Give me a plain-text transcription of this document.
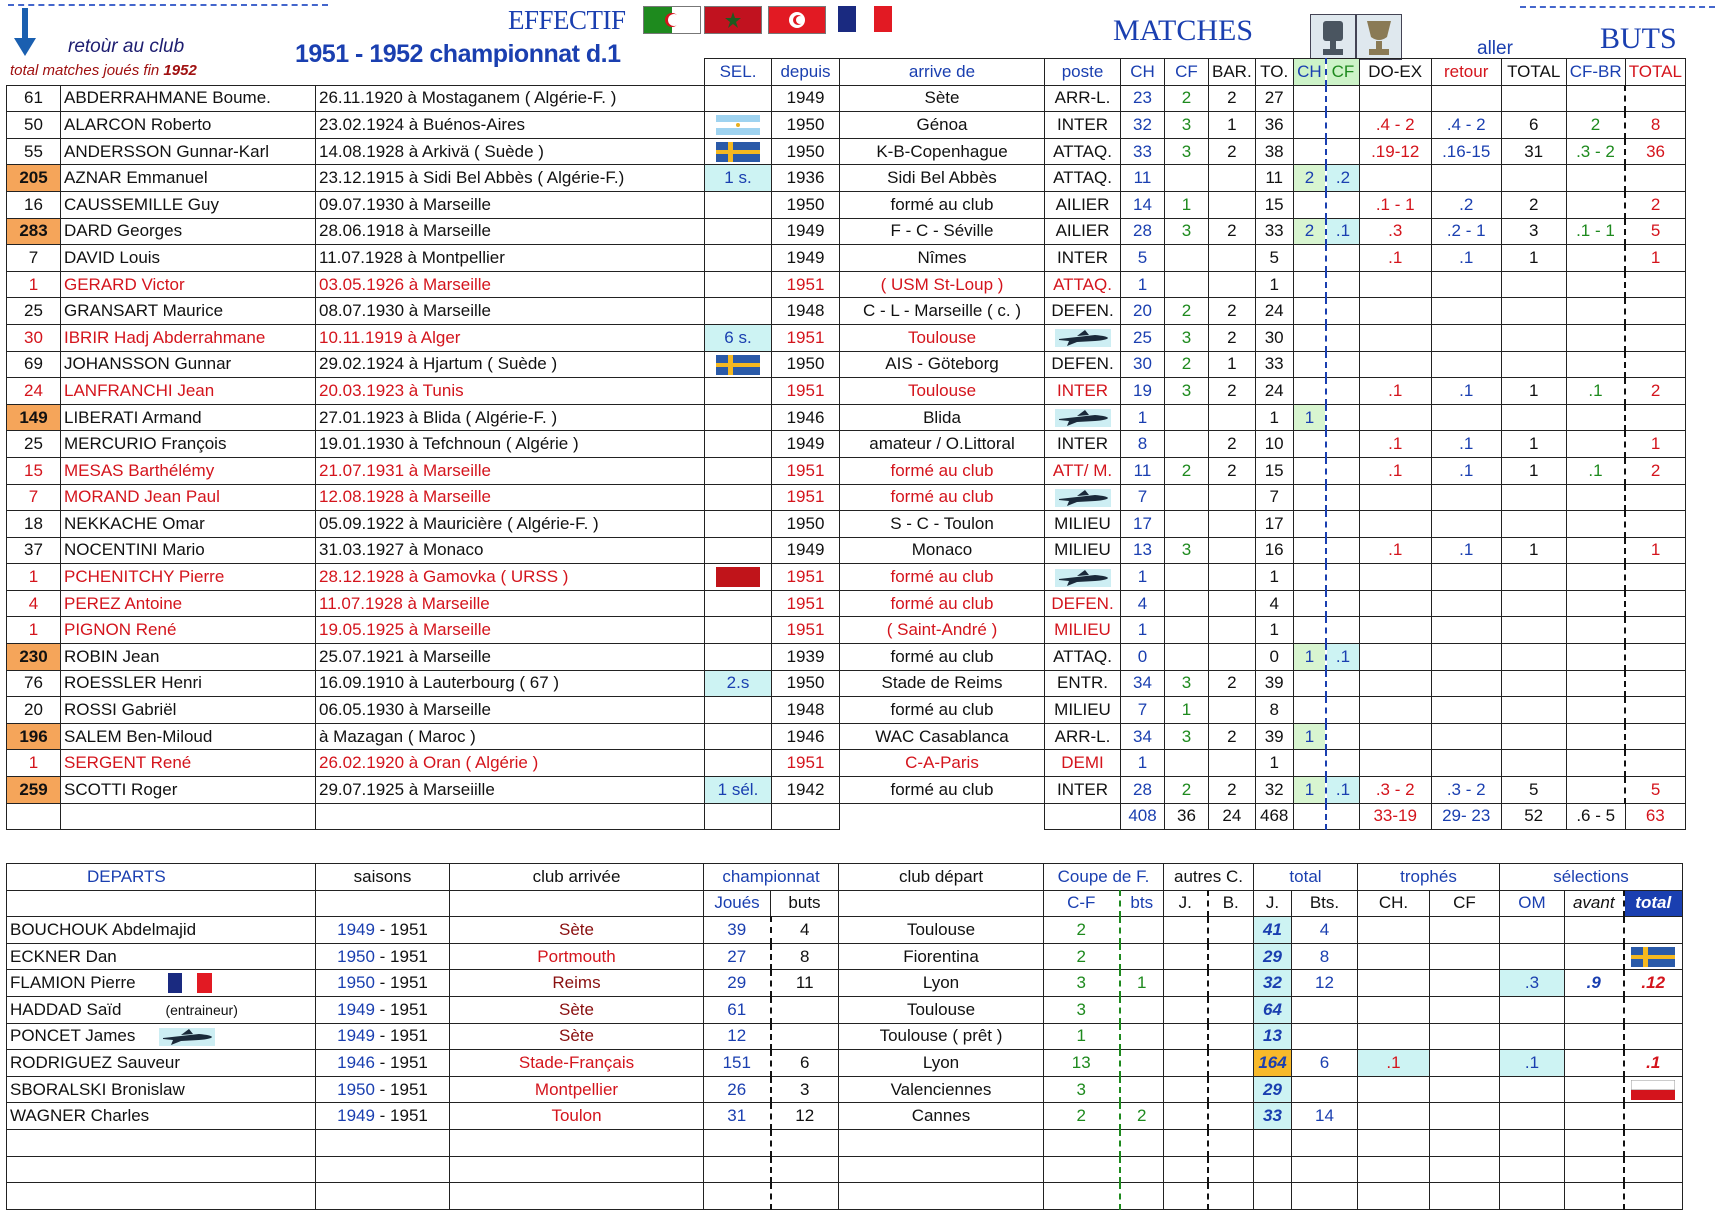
retoùr au club
total matches joués fin 1952
1951 - 1952 championnat d.1
EFFECTIF	MATCHES	BUTS
aller
			SEL.	depuis	arrive de	poste	CH	CF	BAR.	TO.	CH	CF	DO-EX	retour	TOTAL	CF-BR	TOTAL
61	ABDERRAHMANE Boume.	26.11.1920 à Mostaganem ( Algérie-F. )		1949	Sète	ARR-L.	23	2	2	27							
50	ALARCON Roberto	23.02.1924 à Buénos-Aires		1950	Génoa	INTER	32	3	1	36			.4 - 2	.4 - 2	6	2	8
55	ANDERSSON Gunnar-Karl	14.08.1928 à Arkivä ( Suède )		1950	K-B-Copenhague	ATTAQ.	33	3	2	38			.19-12	.16-15	31	.3 - 2	36
205	AZNAR Emmanuel	23.12.1915 à Sidi Bel Abbès ( Algérie-F.)	1 s.	1936	Sidi Bel Abbès	ATTAQ.	11			11	2	.2					
16	CAUSSEMILLE Guy	09.07.1930 à Marseille		1950	formé au club	AILIER	14	1		15			.1 - 1	.2	2		2
283	DARD Georges	28.06.1918 à Marseille		1949	F - C - Séville	AILIER	28	3	2	33	2	.1	.3	.2 - 1	3	.1 - 1	5
7	DAVID Louis	11.07.1928 à Montpellier		1949	Nîmes	INTER	5			5			.1	.1	1		1
1	GERARD Victor	03.05.1926 à Marseille		1951	( USM St-Loup )	ATTAQ.	1			1							
25	GRANSART Maurice	08.07.1930 à Marseille		1948	C - L - Marseille ( c. )	DEFEN.	20	2	2	24							
30	IBRIR Hadj Abderrahmane	10.11.1919 à Alger	6 s.	1951	Toulouse		25	3	2	30							
69	JOHANSSON Gunnar	29.02.1924 à Hjartum ( Suède )		1950	AIS - Göteborg	DEFEN.	30	2	1	33							
24	LANFRANCHI Jean	20.03.1923 à Tunis		1951	Toulouse	INTER	19	3	2	24			.1	.1	1	.1	2
149	LIBERATI Armand	27.01.1923 à Blida ( Algérie-F. )		1946	Blida		1			1	1						
25	MERCURIO François	19.01.1930 à Tefchnoun ( Algérie )		1949	amateur / O.Littoral	INTER	8		2	10			.1	.1	1		1
15	MESAS Barthélémy	21.07.1931 à Marseille		1951	formé au club	ATT/ M.	11	2	2	15			.1	.1	1	.1	2
7	MORAND Jean Paul	12.08.1928 à Marseille		1951	formé au club		7			7							
18	NEKKACHE Omar	05.09.1922 à Mauricière ( Algérie-F. )		1950	S - C - Toulon	MILIEU	17			17							
37	NOCENTINI Mario	31.03.1927 à Monaco		1949	Monaco	MILIEU	13	3		16			.1	.1	1		1
1	PCHENITCHY Pierre	28.12.1928 à Gamovka ( URSS )		1951	formé au club		1			1							
4	PEREZ Antoine	11.07.1928 à Marseille		1951	formé au club	DEFEN.	4			4							
1	PIGNON René	19.05.1925 à Marseille		1951	( Saint-André )	MILIEU	1			1							
230	ROBIN Jean	25.07.1921 à Marseille		1939	formé au club	ATTAQ.	0			0	1	.1					
76	ROESSLER Henri	16.09.1910 à Lauterbourg ( 67 )	2.s	1950	Stade de Reims	ENTR.	34	3	2	39							
20	ROSSI Gabriël	06.05.1930 à Marseille		1948	formé au club	MILIEU	7	1		8							
196	SALEM Ben-Miloud	à Mazagan ( Maroc )		1946	WAC Casablanca	ARR-L.	34	3	2	39	1						
1	SERGENT René	26.02.1920 à Oran ( Algérie )		1951	C-A-Paris	DEMI	1			1							
259	SCOTTI Roger	29.07.1925 à Marseiille	1 sél.	1942	formé au club	INTER	28	2	2	32	1	.1	.3 - 2	.3 - 2	5		5
							408	36	24	468			33-19	29- 23	52	.6 - 5	63
DEPARTS	saisons	club arrivée	championnat		club départ	Coupe de F.		autres C.		total		trophés		sélections		
			Joués	buts		C-F	bts	J.	B.	J.	Bts.	CH.	CF	OM	avant	total
BOUCHOUK Abdelmajid	1949 - 1951	Sète	39	4	Toulouse	2				41	4					
ECKNER Dan	1950 - 1951	Portmouth	27	8	Fiorentina	2				29	8					
FLAMION Pierre	1950 - 1951	Reims	29	11	Lyon	3	1			32	12			.3	.9	.12
HADDAD Saïd (entraineur)	1949 - 1951	Sète	61		Toulouse	3				64						
PONCET James	1949 - 1951	Sète	12		Toulouse ( prêt )	1				13						
RODRIGUEZ Sauveur	1946 - 1951	Stade-Français	151	6	Lyon	13				164	6	.1		.1		.1
SBORALSKI Bronislaw	1950 - 1951	Montpellier	26	3	Valenciennes	3				29						
WAGNER Charles	1949 - 1951	Toulon	31	12	Cannes	2	2			33	14					
